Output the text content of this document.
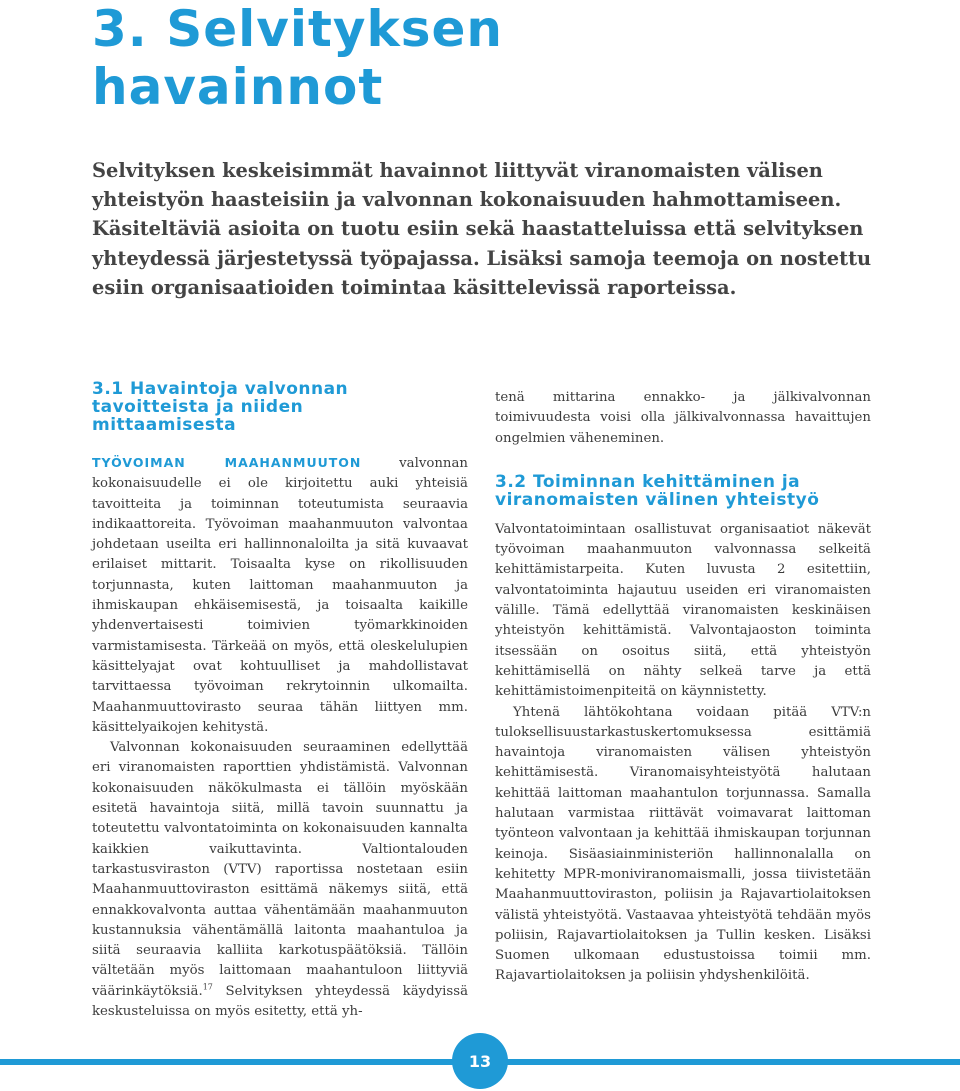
3. Selvityksen
havainnot

Selvityksen keskeisimmät havainnot liittyvät viranomaisten välisen yhteistyön haasteisiin ja valvonnan kokonaisuuden hahmottamiseen. Käsiteltäviä asioita on tuotu esiin sekä haastatteluissa että selvityksen yhteydessä järjestetyssä työpajassa. Lisäksi samoja teemoja on nostettu esiin organisaatioiden toimintaa käsittelevissä raporteissa.

3.1 Havaintoja valvonnan
tavoitteista ja niiden
mittaamisesta

TYÖVOIMAN MAAHANMUUTON valvonnan kokonaisuudelle ei ole kirjoitettu auki yhteisiä tavoitteita ja toiminnan toteutumista seuraavia indikaattoreita. Työvoiman maahanmuuton valvontaa johdetaan useilta eri hallinnonaloilta ja sitä kuvaavat erilaiset mittarit. Toisaalta kyse on rikollisuuden torjunnasta, kuten laittoman maahanmuuton ja ihmiskaupan ehkäisemisestä, ja toisaalta kaikille yhdenvertaisesti toimivien työmarkkinoiden varmistamisesta. Tärkeää on myös, että oleskelulupien käsittelyajat ovat kohtuulliset ja mahdollistavat tarvittaessa työvoiman rekrytoinnin ulkomailta. Maahanmuuttovirasto seuraa tähän liittyen mm. käsittelyaikojen kehitystä.

Valvonnan kokonaisuuden seuraaminen edellyttää eri viranomaisten raporttien yhdistämistä. Valvonnan kokonaisuuden näkökulmasta ei tällöin myöskään esitetä havaintoja siitä, millä tavoin suunnattu ja toteutettu valvontatoiminta on kokonaisuuden kannalta kaikkien vaikuttavinta. Valtiontalouden tarkastusviraston (VTV) raportissa nostetaan esiin Maahanmuuttoviraston esittämä näkemys siitä, että ennakkovalvonta auttaa vähentämään maahanmuuton kustannuksia vähentämällä laitonta maahantuloa ja siitä seuraavia kalliita karkotuspäätöksiä. Tällöin vältetään myös laittomaan maahantuloon liittyviä väärinkäytöksiä.$^{17}$ Selvityksen yhteydessä käydyissä keskusteluissa on myös esitetty, että yh-

tenä mittarina ennakko- ja jälkivalvonnan toimivuudesta voisi olla jälkivalvonnassa havaittujen ongelmien väheneminen.

3.2 Toiminnan kehittäminen ja
viranomaisten välinen yhteistyö

Valvontatoimintaan osallistuvat organisaatiot näkevät työvoiman maahanmuuton valvonnassa selkeitä kehittämistarpeita. Kuten luvusta 2 esitettiin, valvontatoiminta hajautuu useiden eri viranomaisten välille. Tämä edellyttää viranomaisten keskinäisen yhteistyön kehittämistä. Valvontajaoston toiminta itsessään on osoitus siitä, että yhteistyön kehittämisellä on nähty selkeä tarve ja että kehittämistoimenpiteitä on käynnistetty.

Yhtenä lähtökohtana voidaan pitää VTV:n tuloksellisuustarkastuskertomuksessa esittämiä havaintoja viranomaisten välisen yhteistyön kehittämisestä. Viranomaisyhteistyötä halutaan kehittää laittoman maahantulon torjunnassa. Samalla halutaan varmistaa riittävät voimavarat laittoman työnteon valvontaan ja kehittää ihmiskaupan torjunnan keinoja. Sisäasiainministeriön hallinnonalalla on kehitetty MPR-moniviranomaismalli, jossa tiivistetään Maahanmuuttoviraston, poliisin ja Rajavartiolaitoksen välistä yhteistyötä. Vastaavaa yhteistyötä tehdään myös poliisin, Rajavartiolaitoksen ja Tullin kesken. Lisäksi Suomen ulkomaan edustustoissa toimii mm. Rajavartiolaitoksen ja poliisin yhdyshenkilöitä.

13
